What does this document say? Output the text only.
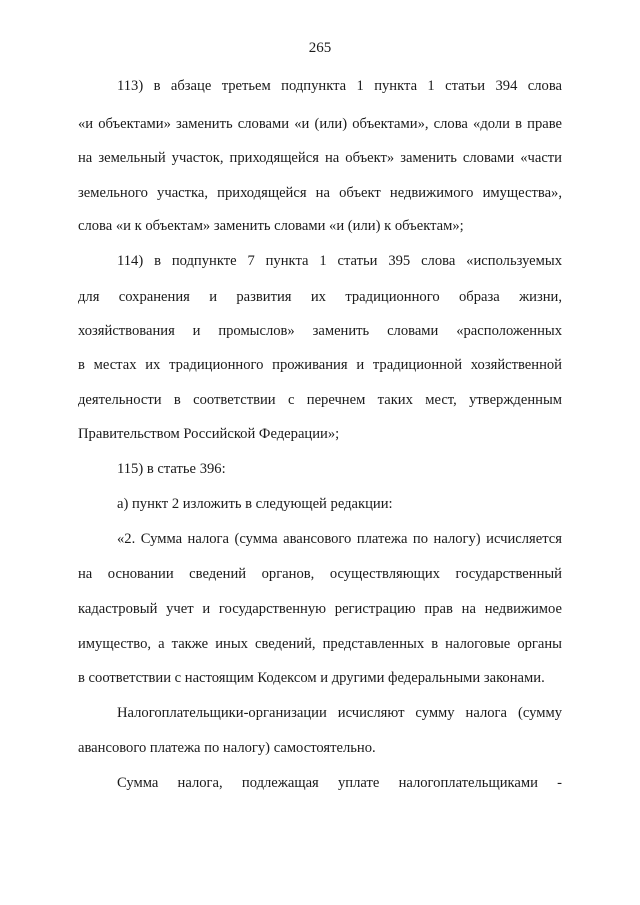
265
113) в абзаце третьем подпункта 1 пункта 1 статьи 394 слова
«и объектами» заменить словами «и (или) объектами», слова «доли в праве
на земельный участок, приходящейся на объект» заменить словами «части
земельного участка, приходящейся на объект недвижимого имущества»,
слова «и к объектам» заменить словами «и (или) к объектам»;
114) в подпункте 7 пункта 1 статьи 395 слова «используемых
для сохранения и развития их традиционного образа жизни,
хозяйствования и промыслов» заменить словами «расположенных
в местах их традиционного проживания и традиционной хозяйственной
деятельности в соответствии с перечнем таких мест, утвержденным
Правительством Российской Федерации»;
115) в статье 396:
а) пункт 2 изложить в следующей редакции:
«2. Сумма налога (сумма авансового платежа по налогу) исчисляется
на основании сведений органов, осуществляющих государственный
кадастровый учет и государственную регистрацию прав на недвижимое
имущество, а также иных сведений, представленных в налоговые органы
в соответствии с настоящим Кодексом и другими федеральными законами.
Налогоплательщики-организации исчисляют сумму налога (сумму
авансового платежа по налогу) самостоятельно.
Сумма налога, подлежащая уплате налогоплательщиками -
